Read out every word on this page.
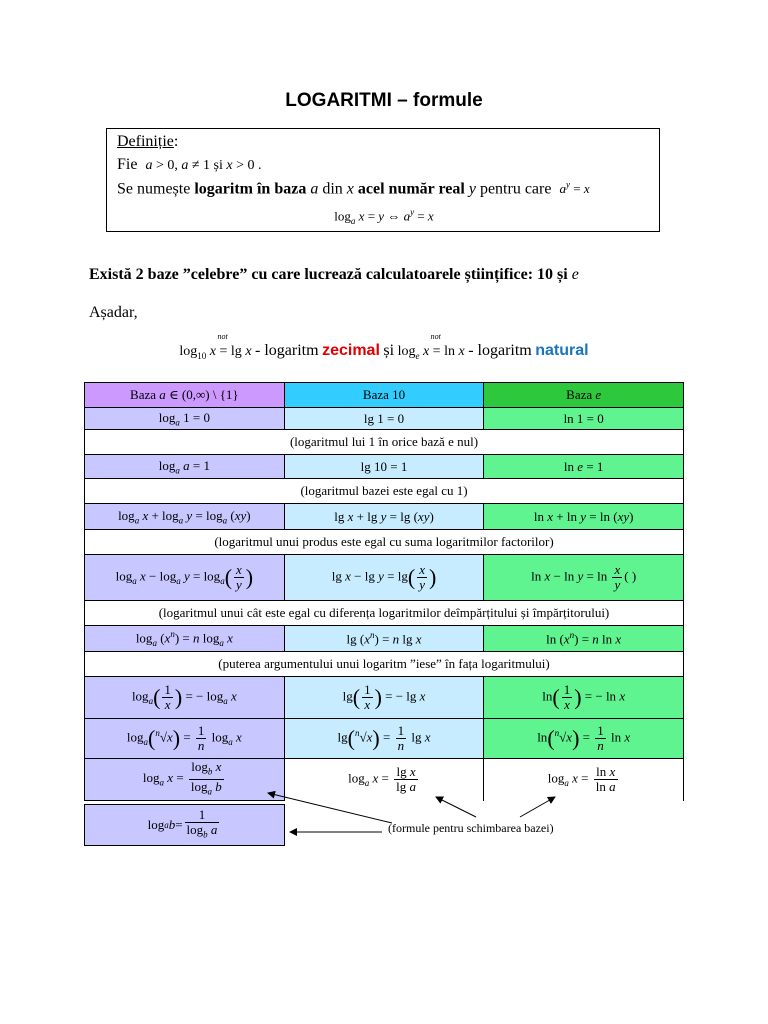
LOGARITMI – formule
Definiție:
Fie a > 0, a ≠ 1 și x > 0 .
Se numește logaritm în baza a din x acel număr real y pentru care $a^y = x$
$\log_a x = y$ ⇔ $a^y = x$
Există 2 baze ”celebre” cu care lucrează calculatoarele științifice: 10 și e
Așadar,
$\log_{10} x$
not
= lg x - logaritm zecimal și $\log_e x$
not
= ln x - logaritm natural
Baza a ∈ (0,∞) \ {1}	Baza 10	Baza e
$\log_a 1 = 0$	lg 1 = 0	ln 1 = 0
(logaritmul lui 1 în orice bază e nul)		
$\log_a a = 1$	lg 10 = 1	ln e = 1
(logaritmul bazei este egal cu 1)		
$\log_a x + \log_a y = \log_a (xy)$	lg x + lg y = lg (xy)	ln x + ln y = ln (xy)
(logaritmul unui produs este egal cu suma logaritmilor factorilor)		
$\log_a x - \log_a y = \log_a( \frac{x}{y}$ )	$\lg x - \lg y = \lg( \frac{x}{y}$ )	$\ln x - \ln y = \ln \frac{x}{y}$ ( )
(logaritmul unui cât este egal cu diferența logaritmilor deîmpărțitului și împărțitorului)		
$\log_a (x^n) = n$ $\log_a x$	$\lg (x^n) = n$ lg x	$\ln (x^n) = n$ ln x
(puterea argumentului unui logaritm ”iese” în fața logaritmului)		
$\log_a( \frac{1}{x}$ ) = − $\log_a x$	$\lg( \frac{1}{x}$ ) = − lg x	$\ln( \frac{1}{x}$ ) = − ln x
$\log_a(^n√x) = \frac{1}{n} \log_a x$	$\lg(^n√x) = \frac{1}{n}$ lg x	$\ln(^n√x) = \frac{1}{n}$ ln x
$\log_a x = \frac{\log_b x}{\log_a b}$	$\log_a x = \frac{\text{lg x}}{\text{lg a}}$	$\log_a x = \frac{\text{ln x}}{\text{ln a}}$
log a $b = \frac{1}{\log_b a}$	(formule pentru schimbarea bazei)
